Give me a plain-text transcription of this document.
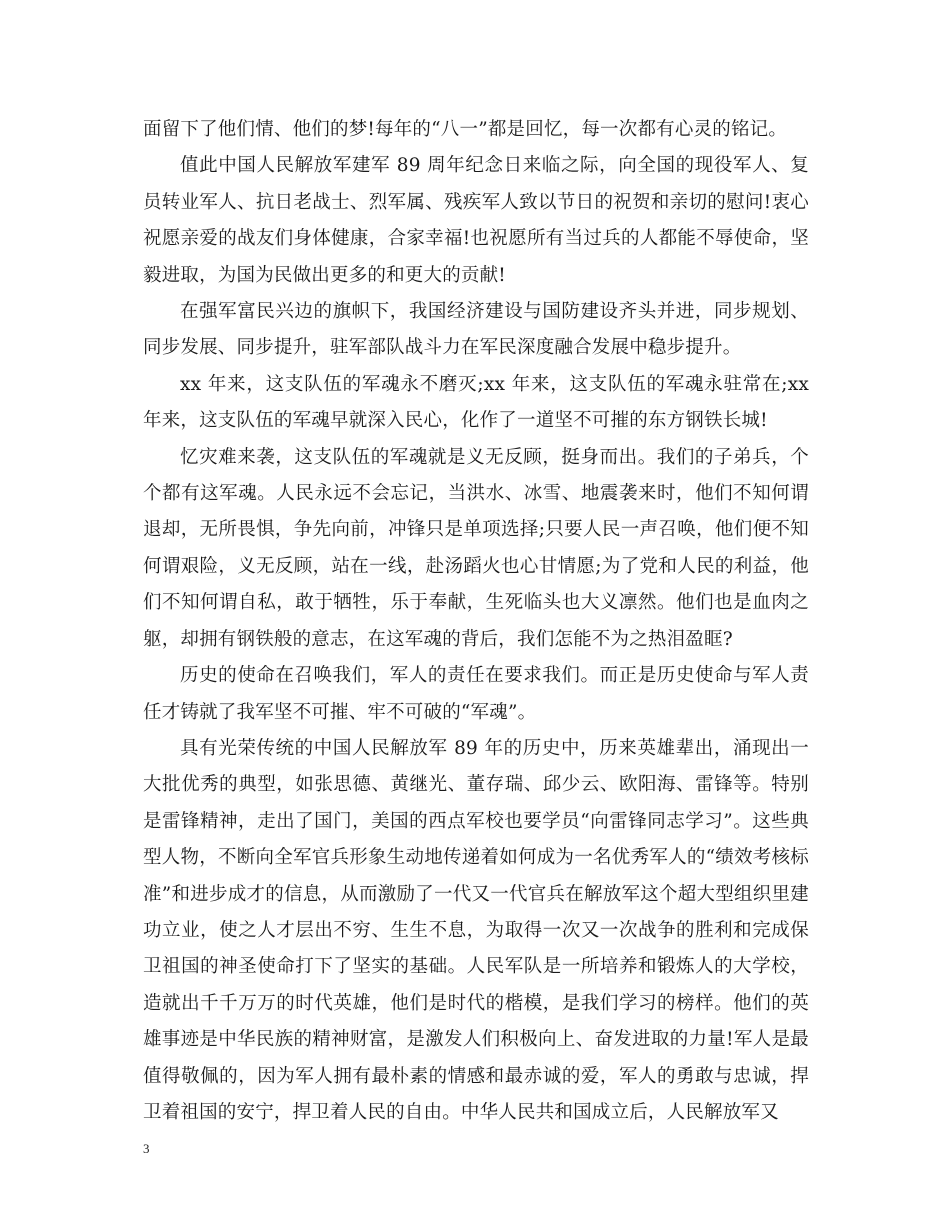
面留下了他们情、他们的梦!每年的“八一”都是回忆，每一次都有心灵的铭记。

值此中国人民解放军建军 89 周年纪念日来临之际，向全国的现役军人、复员转业军人、抗日老战士、烈军属、残疾军人致以节日的祝贺和亲切的慰问!衷心祝愿亲爱的战友们身体健康，合家幸福!也祝愿所有当过兵的人都能不辱使命，坚毅进取，为国为民做出更多的和更大的贡献!

在强军富民兴边的旗帜下，我国经济建设与国防建设齐头并进，同步规划、同步发展、同步提升，驻军部队战斗力在军民深度融合发展中稳步提升。

xx 年来，这支队伍的军魂永不磨灭;xx 年来，这支队伍的军魂永驻常在;xx 年来，这支队伍的军魂早就深入民心，化作了一道坚不可摧的东方钢铁长城!

忆灾难来袭，这支队伍的军魂就是义无反顾，挺身而出。我们的子弟兵，个个都有这军魂。人民永远不会忘记，当洪水、冰雪、地震袭来时，他们不知何谓退却，无所畏惧，争先向前，冲锋只是单项选择;只要人民一声召唤，他们便不知何谓艰险，义无反顾，站在一线，赴汤蹈火也心甘情愿;为了党和人民的利益，他们不知何谓自私，敢于牺牲，乐于奉献，生死临头也大义凛然。他们也是血肉之躯，却拥有钢铁般的意志，在这军魂的背后，我们怎能不为之热泪盈眶?

历史的使命在召唤我们，军人的责任在要求我们。而正是历史使命与军人责任才铸就了我军坚不可摧、牢不可破的“军魂”。

具有光荣传统的中国人民解放军 89 年的历史中，历来英雄辈出，涌现出一大批优秀的典型，如张思德、黄继光、董存瑞、邱少云、欧阳海、雷锋等。特别是雷锋精神，走出了国门，美国的西点军校也要学员“向雷锋同志学习”。这些典型人物，不断向全军官兵形象生动地传递着如何成为一名优秀军人的“绩效考核标准”和进步成才的信息，从而激励了一代又一代官兵在解放军这个超大型组织里建功立业，使之人才层出不穷、生生不息，为取得一次又一次战争的胜利和完成保卫祖国的神圣使命打下了坚实的基础。人民军队是一所培养和锻炼人的大学校，造就出千千万万的时代英雄，他们是时代的楷模，是我们学习的榜样。他们的英雄事迹是中华民族的精神财富，是激发人们积极向上、奋发进取的力量!军人是最值得敬佩的，因为军人拥有最朴素的情感和最赤诚的爱，军人的勇敢与忠诚，捍卫着祖国的安宁，捍卫着人民的自由。中华人民共和国成立后，人民解放军又

3
